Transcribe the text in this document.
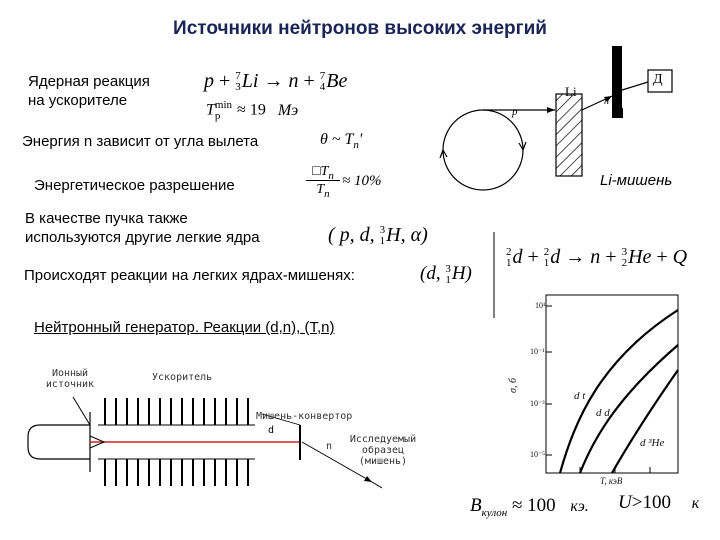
Источники нейтронов высоких энергий
Ядерная реакция
на ускорителе
p + 7
3Li → n + 7
4Be
Tmin
p ≈ 19 Мэ
Энергия n зависит от угла вылета	θ ~ $T_n'$
Энергетическое разрешение
$□T_n$
$T_n$
≈ 10%
В качестве пучка также
используются другие легкие ядра	( p, d, 3
1H, α)
Происходят реакции на легких ядрах-мишенях:	(d, 3
1H)
2
1d + 2
1d → n + 3
2He + Q
Нейтронный генератор. Реакции (d,n), (T,n)
$B_{кулон} \approx 100$ кэ. U>100 к
Li
Д
p
n
Li-мишень
Ионный источник
Ускоритель
Мишень-конвертор
d
n
Исследуемый
образец
(мишень)
10¹
10⁻¹
10⁻³
10⁻⁵
σ, б
T, кэВ
d t
d d
d ³He
